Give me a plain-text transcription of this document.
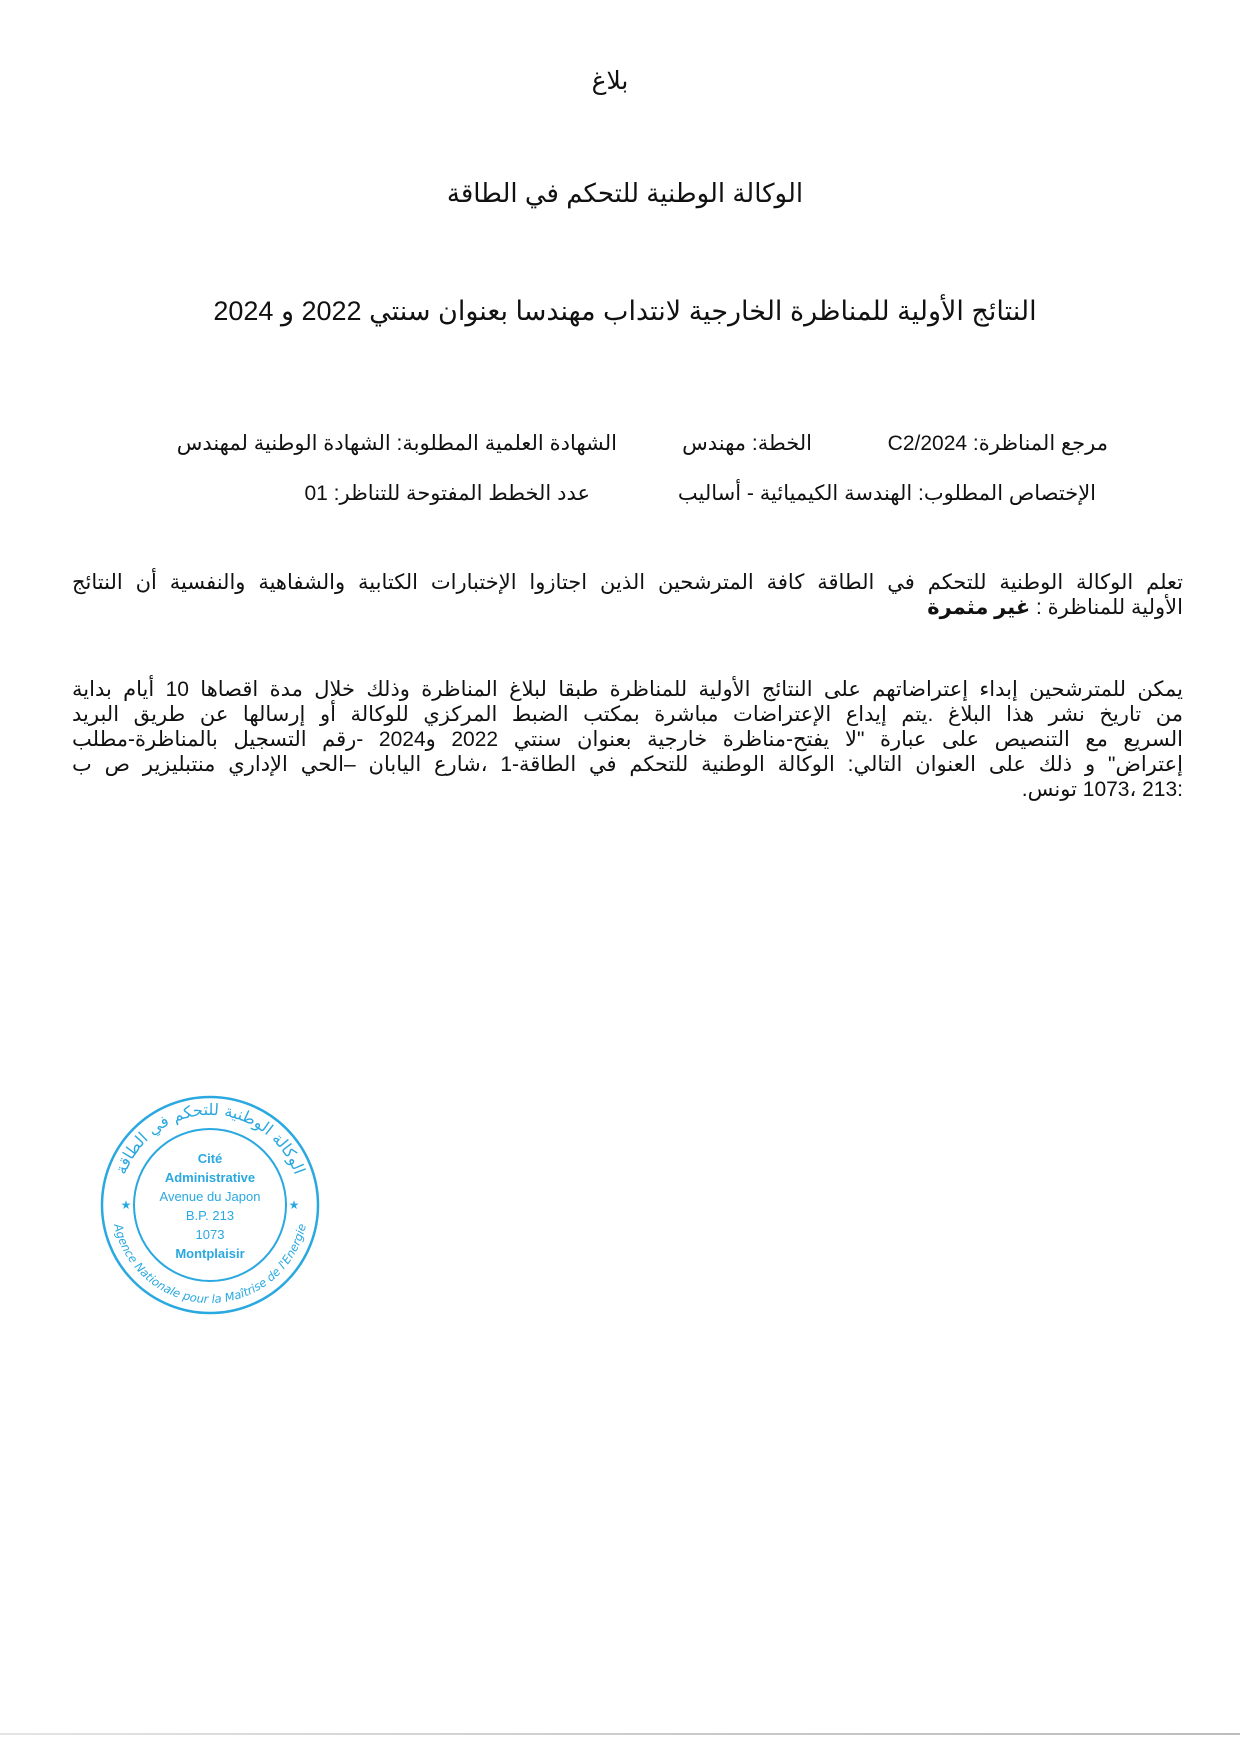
بلاغ
الوكالة الوطنية للتحكم في الطاقة
النتائج الأولية للمناظرة الخارجية لانتداب مهندسا بعنوان سنتي 2022 و 2024
مرجع المناظرة: C2/2024
الخطة: مهندس
الشهادة العلمية المطلوبة: الشهادة الوطنية لمهندس
الإختصاص المطلوب: الهندسة الكيميائية - أساليب
عدد الخطط المفتوحة للتناظر: 01
تعلم الوكالة الوطنية للتحكم في الطاقة كافة المترشحين الذين اجتازوا الإختبارات الكتابية والشفاهية والنفسية أن النتائج
الأولية للمناظرة : غير مثمرة
يمكن للمترشحين إبداء إعتراضاتهم على النتائج الأولية للمناظرة طبقا لبلاغ المناظرة وذلك خلال مدة اقصاها 10 أيام بداية
من تاريخ نشر هذا البلاغ .يتم إيداع الإعتراضات مباشرة بمكتب الضبط المركزي للوكالة أو إرسالها عن طريق البريد
السريع مع التنصيص على عبارة "لا يفتح-مناظرة خارجية بعنوان سنتي 2022 و2024 -رقم التسجيل بالمناظرة-مطلب
إعتراض" و ذلك على العنوان التالي: الوكالة الوطنية للتحكم في الطاقة-1 ،شارع اليابان –الحي الإداري منتبليزير ص ب
:213 ،1073 تونس.
الوكالة الوطنية للتحكم في الطاقة
Agence Nationale pour la Maîtrise de l'Energie
★	★
Cité
Administrative
Avenue du Japon
B.P. 213
1073
Montplaisir
